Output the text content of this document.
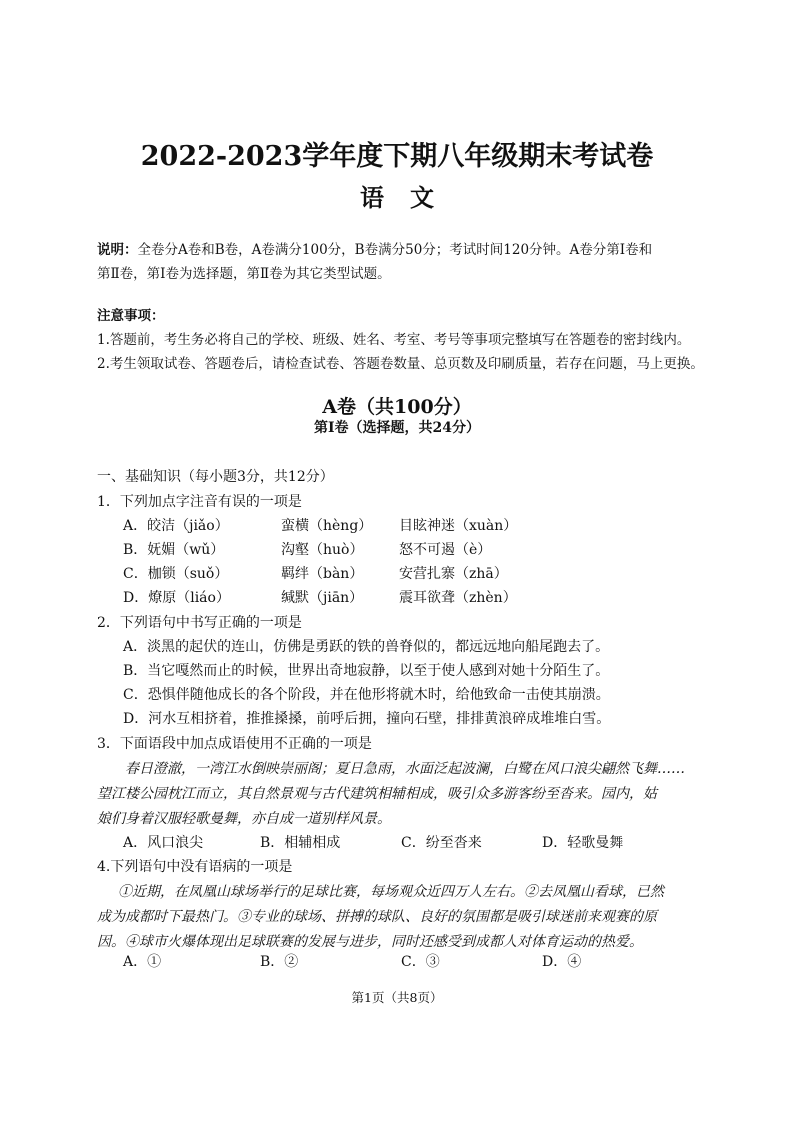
2022-2023学年度下期八年级期末考试卷
语文
说明：全卷分A卷和B卷，A卷满分100分，B卷满分50分；考试时间120分钟。A卷分第Ⅰ卷和
第Ⅱ卷，第Ⅰ卷为选择题，第Ⅱ卷为其它类型试题。
注意事项：
1.答题前，考生务必将自己的学校、班级、姓名、考室、考号等事项完整填写在答题卷的密封线内。
2.考生领取试卷、答题卷后，请检查试卷、答题卷数量、总页数及印刷质量，若存在问题，马上更换。
A卷（共100分）
第Ⅰ卷（选择题，共24分）
一、基础知识（每小题3分，共12分）
1．下列加点字注音有误的一项是
A．皎洁（jiǎo）	蛮横（hèng） 目眩神迷（xuàn）
B．妩媚（wǔ）	沟壑（huò）	怒不可遏（è）
C．枷锁（suǒ）	羁绊（bàn）	安营扎寨（zhā）
D．燎原（liáo）	缄默（jiān）	震耳欲聋（zhèn）
2．下列语句中书写正确的一项是
A．淡黑的起伏的连山，仿佛是勇跃的铁的兽脊似的，都远远地向船尾跑去了。
B．当它嘎然而止的时候，世界出奇地寂静，以至于使人感到对她十分陌生了。
C．恐惧伴随他成长的各个阶段，并在他形将就木时，给他致命一击使其崩溃。
D．河水互相挤着，推推搡搡，前呼后拥，撞向石壁，排排黄浪碎成堆堆白雪。
3．下面语段中加点成语使用不正确的一项是
春日澄澈，一湾江水倒映崇丽阁；夏日急雨，水面泛起波澜，白鹭在风口浪尖翩然飞舞……
望江楼公园枕江而立，其自然景观与古代建筑相辅相成，吸引众多游客纷至沓来。园内，姑
娘们身着汉服轻歌曼舞，亦自成一道别样风景。
A．风口浪尖	B．相辅相成	C．纷至沓来	D．轻歌曼舞
4.下列语句中没有语病的一项是
①近期，在凤凰山球场举行的足球比赛，每场观众近四万人左右。②去凤凰山看球，已然
成为成都时下最热门。③专业的球场、拼搏的球队、良好的氛围都是吸引球迷前来观赛的原
因。④球市火爆体现出足球联赛的发展与进步，同时还感受到成都人对体育运动的热爱。
A．①	B．②	C．③	D．④
第1页（共8页）
